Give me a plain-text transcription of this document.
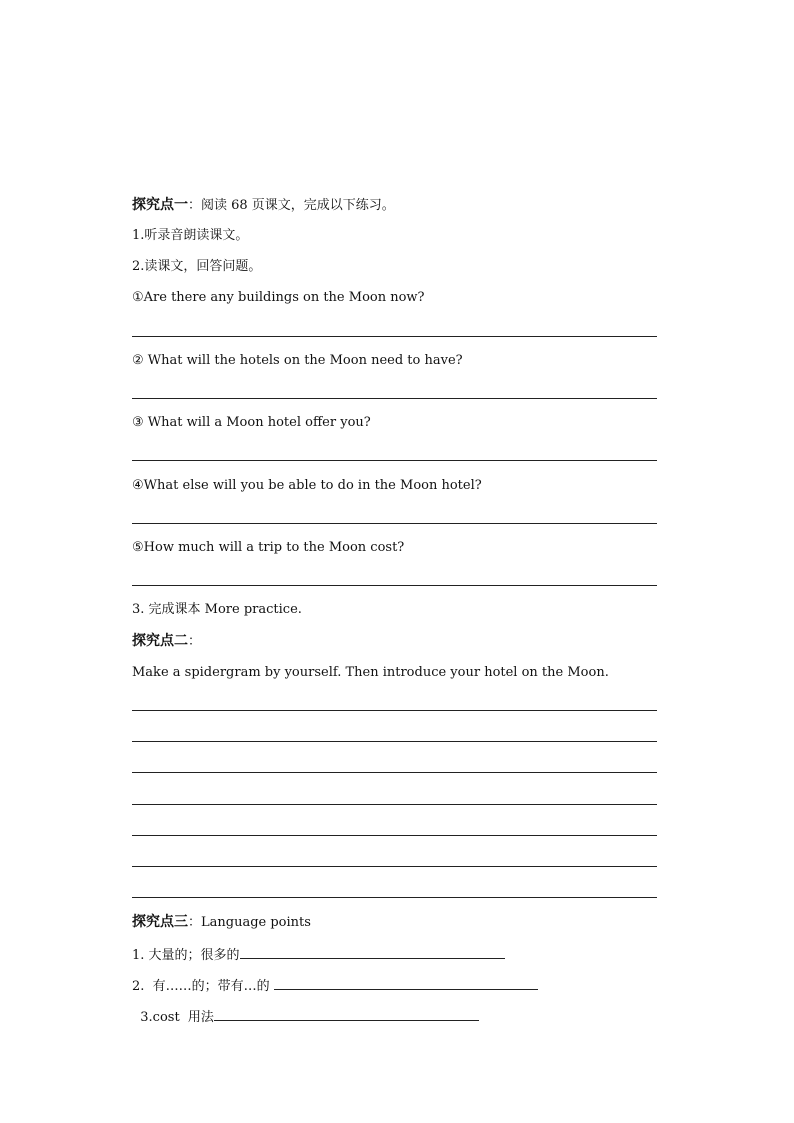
探究点一：阅读 68 页课文，完成以下练习。
1.听录音朗读课文。
2.读课文，回答问题。
①Are there any buildings on the Moon now?
② What will the hotels on the Moon need to have?
③ What will a Moon hotel offer you?
④What else will you be able to do in the Moon hotel?
⑤How much will a trip to the Moon cost?
3. 完成课本 More practice.
探究点二：
Make a spidergram by yourself. Then introduce your hotel on the Moon.
探究点三：Language points
1. 大量的；很多的
2.  有……的；带有…的
3.cost  用法
